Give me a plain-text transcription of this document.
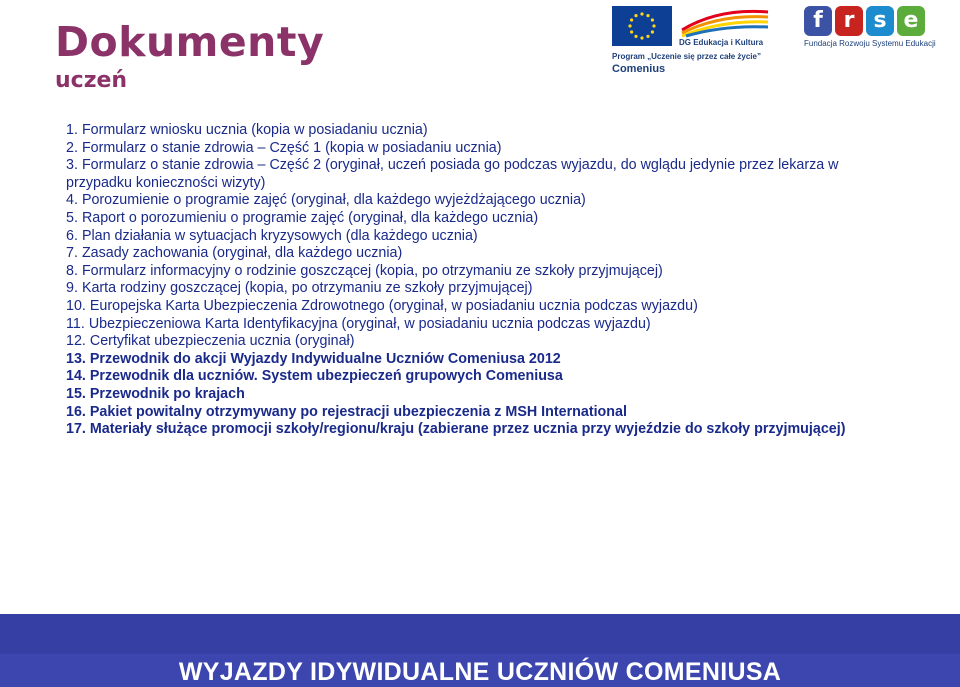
Dokumenty
uczeń
DG Edukacja i Kultura
Program „Uczenie się przez całe życie”
Comenius
f r s e
Fundacja Rozwoju Systemu Edukacji
1. Formularz wniosku ucznia (kopia w posiadaniu ucznia)
2. Formularz o stanie zdrowia – Część 1 (kopia w posiadaniu ucznia)
3. Formularz o stanie zdrowia – Część 2 (oryginał, uczeń posiada go podczas wyjazdu, do wglądu jedynie przez lekarza w przypadku konieczności wizyty)
4. Porozumienie o programie zajęć (oryginał, dla każdego wyjeżdżającego ucznia)
5. Raport o porozumieniu o programie zajęć (oryginał, dla każdego ucznia)
6. Plan działania w sytuacjach kryzysowych (dla każdego ucznia)
7. Zasady zachowania (oryginał, dla każdego ucznia)
8. Formularz informacyjny o rodzinie goszczącej (kopia, po otrzymaniu ze szkoły przyjmującej)
9. Karta rodziny goszczącej (kopia, po otrzymaniu ze szkoły przyjmującej)
10. Europejska Karta Ubezpieczenia Zdrowotnego (oryginał, w posiadaniu ucznia podczas wyjazdu)
11. Ubezpieczeniowa Karta Identyfikacyjna (oryginał, w posiadaniu ucznia podczas wyjazdu)
12. Certyfikat ubezpieczenia ucznia (oryginał)
13. Przewodnik do akcji Wyjazdy Indywidualne Uczniów Comeniusa 2012
14. Przewodnik dla uczniów. System ubezpieczeń grupowych Comeniusa
15. Przewodnik po krajach
16. Pakiet powitalny otrzymywany po rejestracji ubezpieczenia z MSH International
17. Materiały służące promocji szkoły/regionu/kraju (zabierane przez ucznia przy wyjeździe do szkoły przyjmującej)
WYJAZDY IDYWIDUALNE UCZNIÓW COMENIUSA
